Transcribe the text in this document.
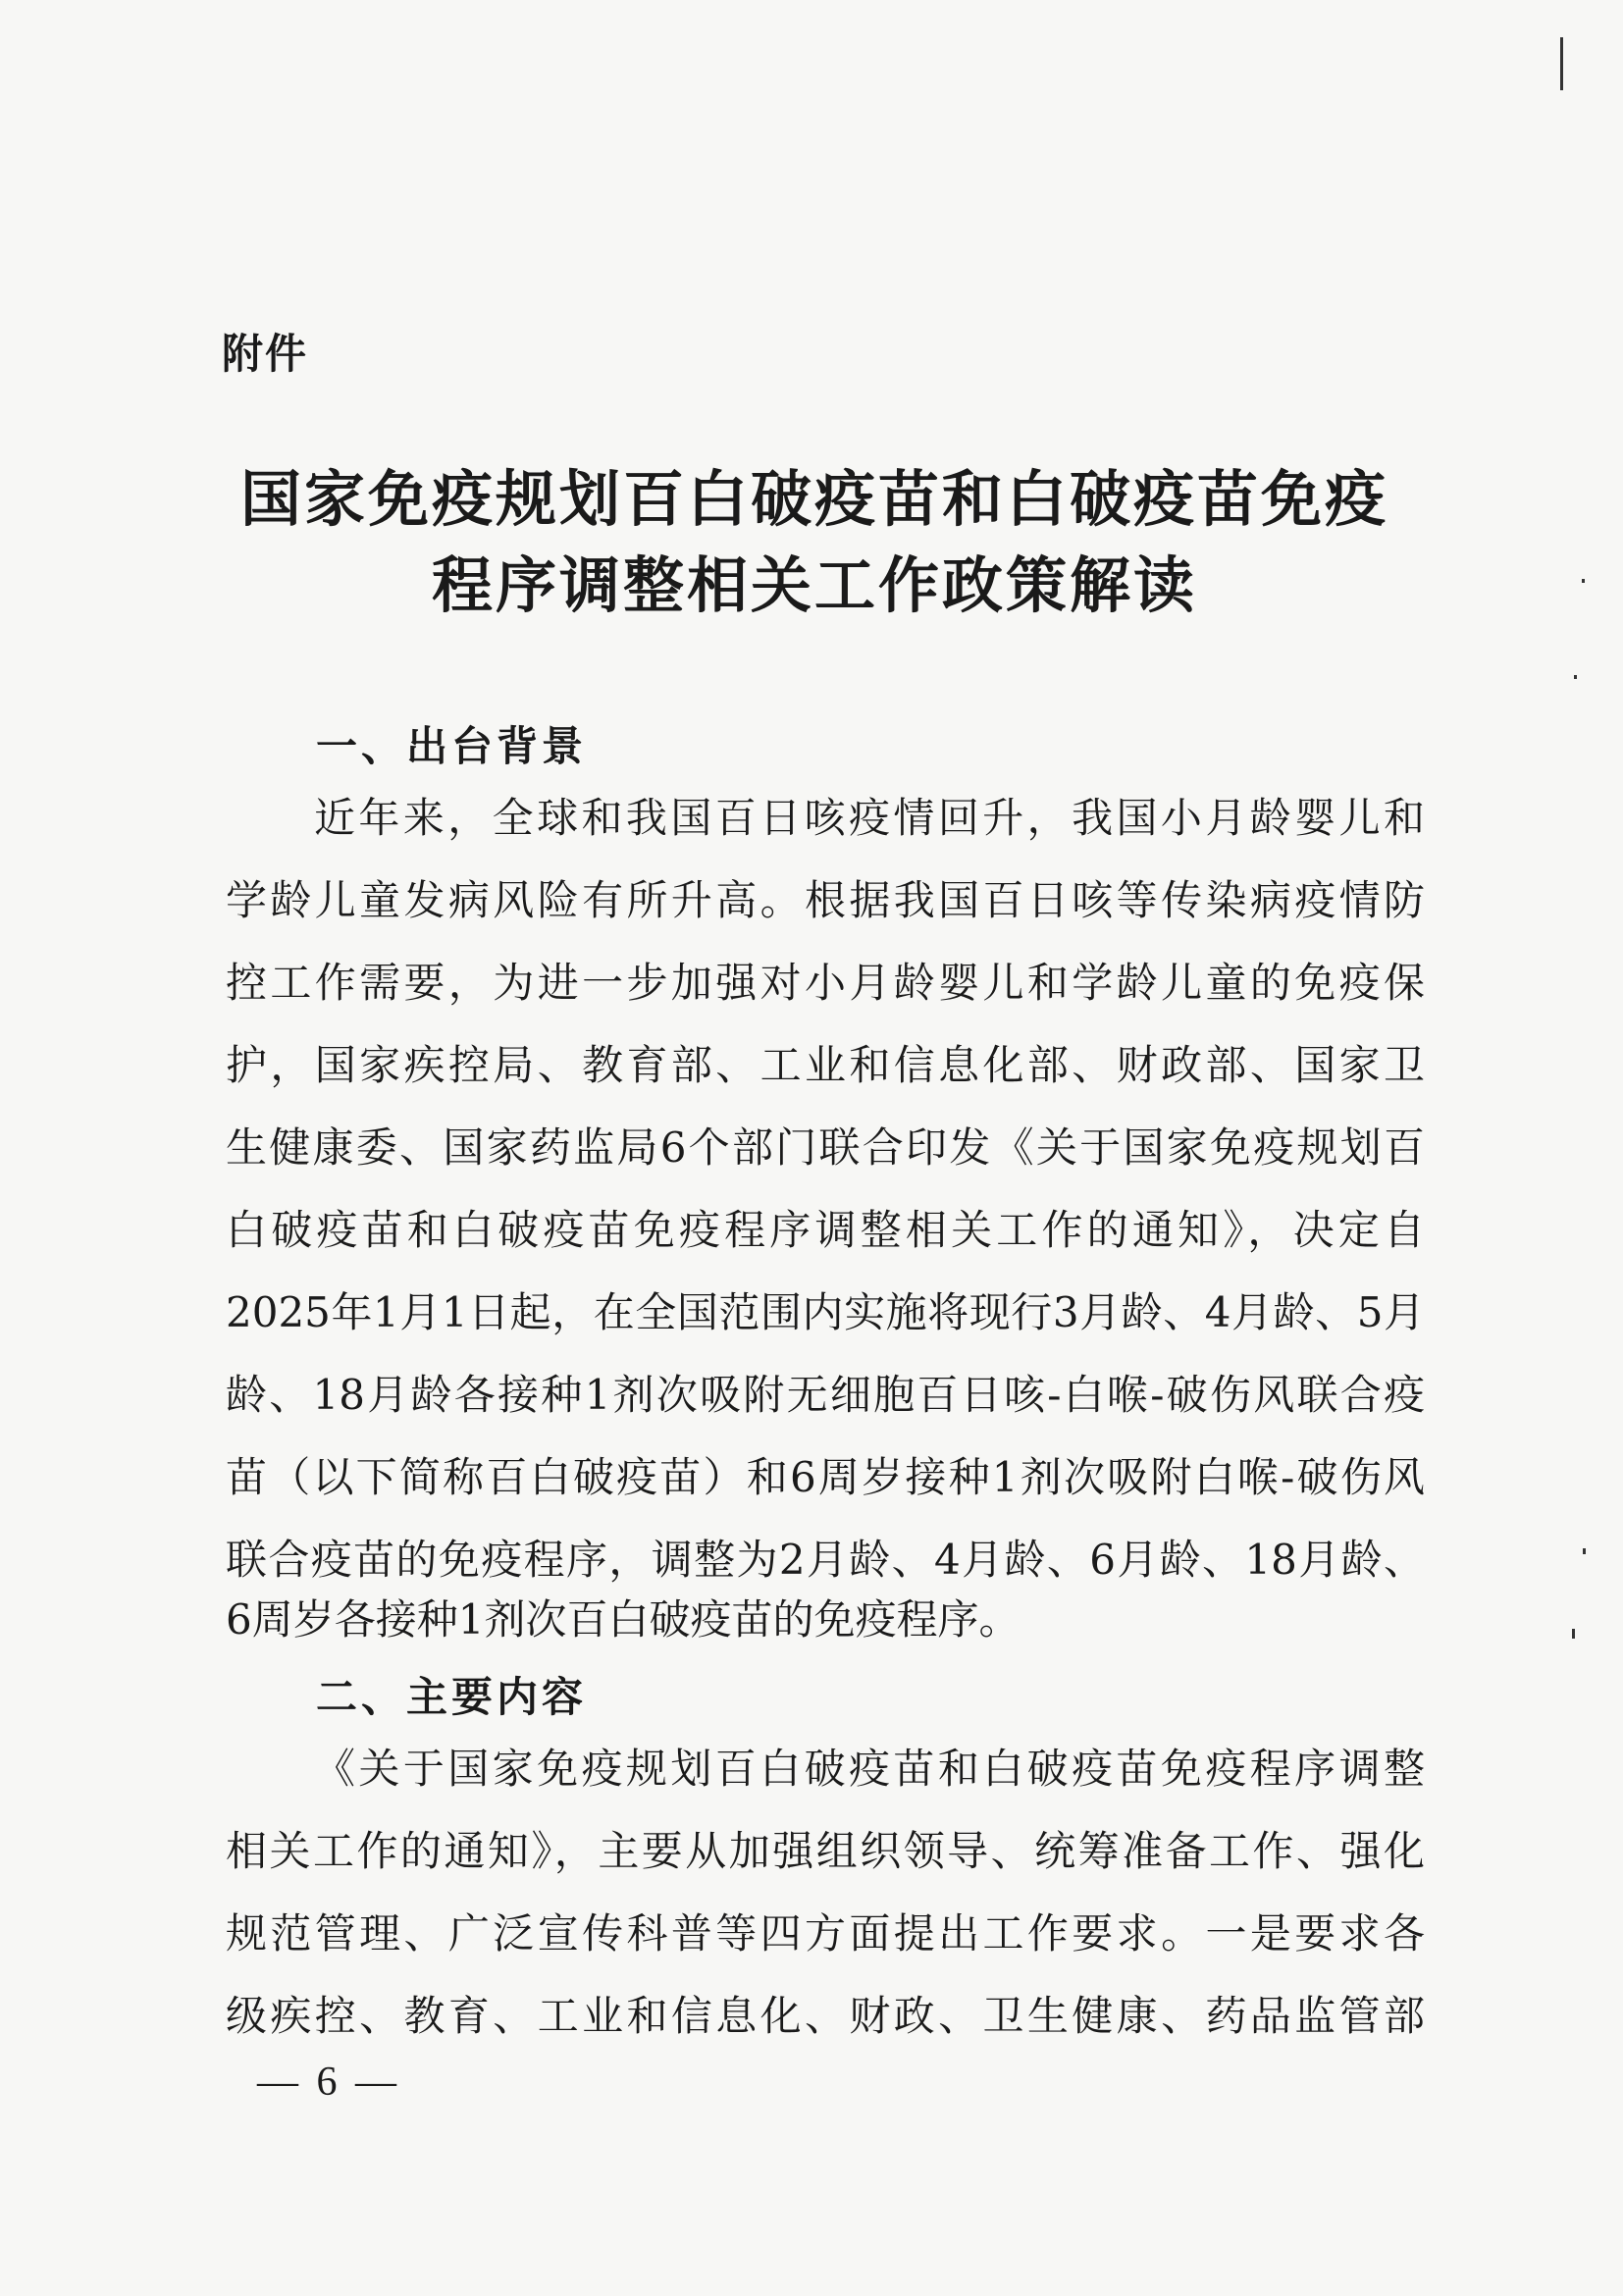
附件
国家免疫规划百白破疫苗和白破疫苗免疫
程序调整相关工作政策解读
一、出台背景
近年来，全球和我国百日咳疫情回升，我国小月龄婴儿和
学龄儿童发病风险有所升高。根据我国百日咳等传染病疫情防
控工作需要，为进一步加强对小月龄婴儿和学龄儿童的免疫保
护，国家疾控局、教育部、工业和信息化部、财政部、国家卫
生健康委、国家药监局6个部门联合印发《关于国家免疫规划百
白破疫苗和白破疫苗免疫程序调整相关工作的通知》，决定自
2025年1月1日起，在全国范围内实施将现行3月龄、4月龄、5月
龄、18月龄各接种1剂次吸附无细胞百日咳-白喉-破伤风联合疫
苗（以下简称百白破疫苗）和6周岁接种1剂次吸附白喉-破伤风
联合疫苗的免疫程序，调整为2月龄、4月龄、6月龄、18月龄、
6周岁各接种1剂次百白破疫苗的免疫程序。
二、主要内容
《关于国家免疫规划百白破疫苗和白破疫苗免疫程序调整
相关工作的通知》，主要从加强组织领导、统筹准备工作、强化
规范管理、广泛宣传科普等四方面提出工作要求。一是要求各
级疾控、教育、工业和信息化、财政、卫生健康、药品监管部
— 6 —
